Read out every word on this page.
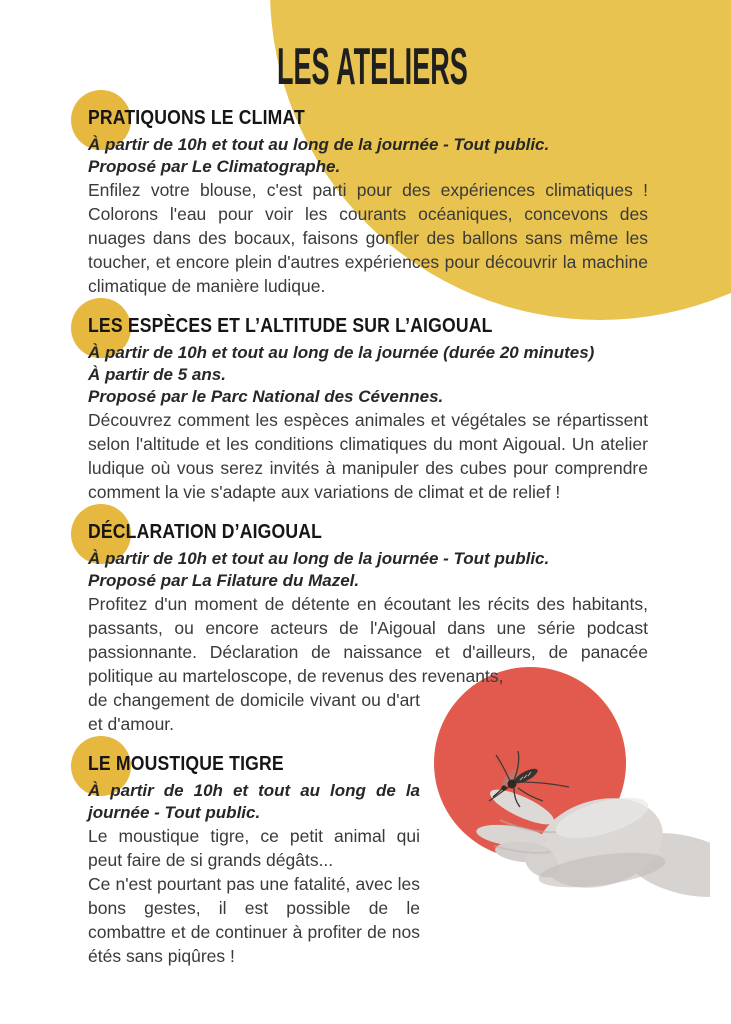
LES ATELIERS
PRATIQUONS LE CLIMAT
À partir de 10h et tout au long de la journée - Tout public.
Proposé par Le Climatographe.

Enfilez votre blouse, c'est parti pour des expériences climatiques ! Colorons l'eau pour voir les courants océaniques, concevons des nuages dans des bocaux, faisons gonfler des ballons sans même les toucher, et encore plein d'autres expériences pour découvrir la machine climatique de manière ludique.

LES ESPÈCES ET L’ALTITUDE SUR L’AIGOUAL
À partir de 10h et tout au long de la journée (durée 20 minutes)
À partir de 5 ans.
Proposé par le Parc National des Cévennes.

Découvrez comment les espèces animales et végétales se répartissent selon l'altitude et les conditions climatiques du mont Aigoual. Un atelier ludique où vous serez invités à manipuler des cubes pour comprendre comment la vie s'adapte aux variations de climat et de relief !

DÉCLARATION D’AIGOUAL
À partir de 10h et tout au long de la journée - Tout public.
Proposé par La Filature du Mazel.

Profitez d'un moment de détente en écoutant les récits des habitants, passants, ou encore acteurs de l'Aigoual dans une série podcast passionnante. Déclaration de naissance et d'ailleurs, de panacée politique au marteloscope, de revenus des revenants,

de changement de domicile vivant ou d'art et d'amour.

LE MOUSTIQUE TIGRE
À partir de 10h et tout au long de la journée - Tout public.

Le moustique tigre, ce petit animal qui peut faire de si grands dégâts...

Ce n'est pourtant pas une fatalité, avec les bons gestes, il est possible de le combattre et de continuer à profiter de nos étés sans piqûres !
